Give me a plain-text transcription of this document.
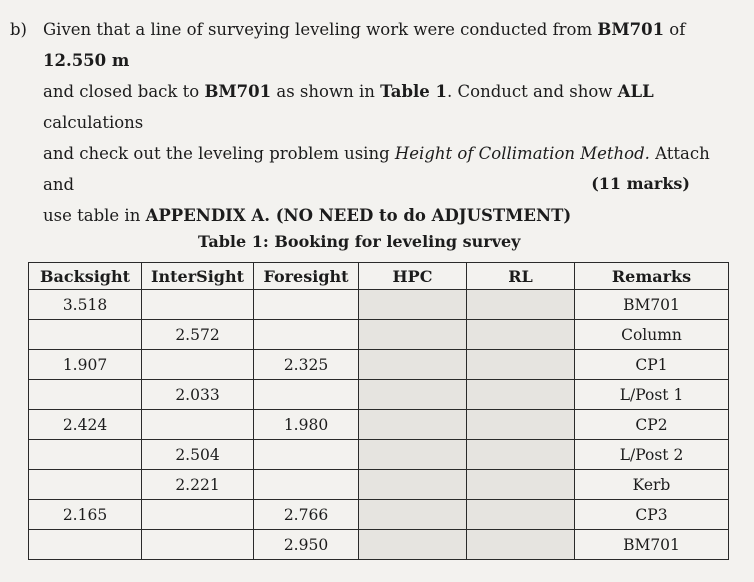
b) Given that a line of surveying leveling work were conducted from BM701 of 12.550 m
and closed back to BM701 as shown in Table 1. Conduct and show ALL calculations
and check out the leveling problem using Height of Collimation Method. Attach and
use table in APPENDIX A. (NO NEED to do ADJUSTMENT)
(11 marks)
Table 1: Booking for leveling survey
Backsight	InterSight	Foresight	HPC	RL	Remarks
3.518					BM701
	2.572				Column
1.907		2.325			CP1
	2.033				L/Post 1
2.424		1.980			CP2
	2.504				L/Post 2
	2.221				Kerb
2.165		2.766			CP3
		2.950			BM701
